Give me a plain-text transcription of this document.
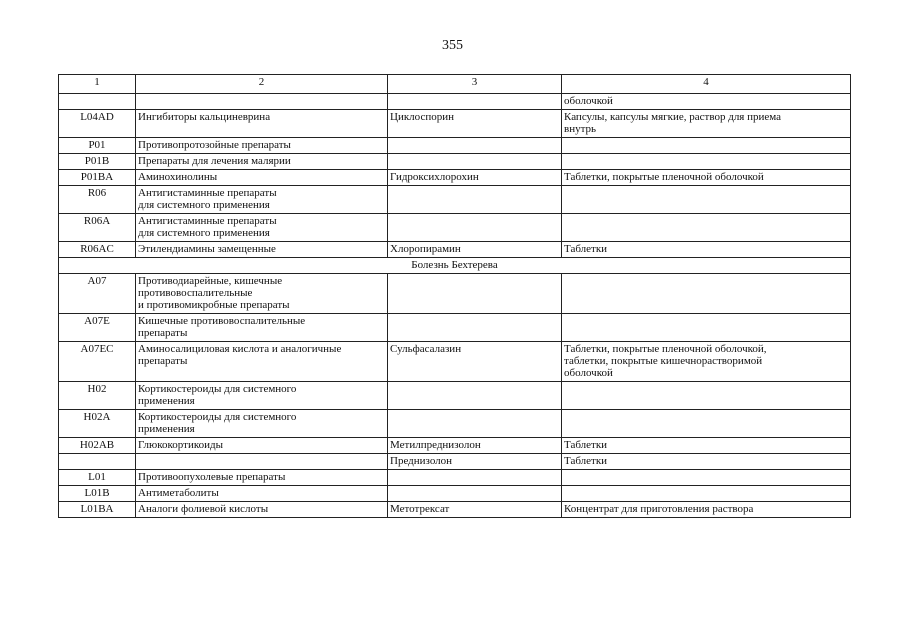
355
1	2	3	4
			оболочкой
L04AD	Ингибиторы кальциневрина	Циклоспорин	Капсулы, капсулы мягкие, раствор для приема
внутрь
P01	Противопротозойные препараты		
P01B	Препараты для лечения малярии		
P01BA	Аминохинолины	Гидроксихлорохин	Таблетки, покрытые пленочной оболочкой
R06	Антигистаминные препараты
для системного применения		
R06A	Антигистаминные препараты
для системного применения		
R06AC	Этилендиамины замещенные	Хлоропирамин	Таблетки
Болезнь Бехтерева			
A07	Противодиарейные, кишечные
противовоспалительные
и противомикробные препараты		
A07E	Кишечные противовоспалительные
препараты		
A07EC	Аминосалициловая кислота и аналогичные
препараты	Сульфасалазин	Таблетки, покрытые пленочной оболочкой,
таблетки, покрытые кишечнорастворимой
оболочкой
H02	Кортикостероиды для системного
применения		
H02A	Кортикостероиды для системного
применения		
H02AB	Глюкокортикоиды	Метилпреднизолон	Таблетки
		Преднизолон	Таблетки
L01	Противоопухолевые препараты		
L01B	Антиметаболиты		
L01BA	Аналоги фолиевой кислоты	Метотрексат	Концентрат для приготовления раствора
